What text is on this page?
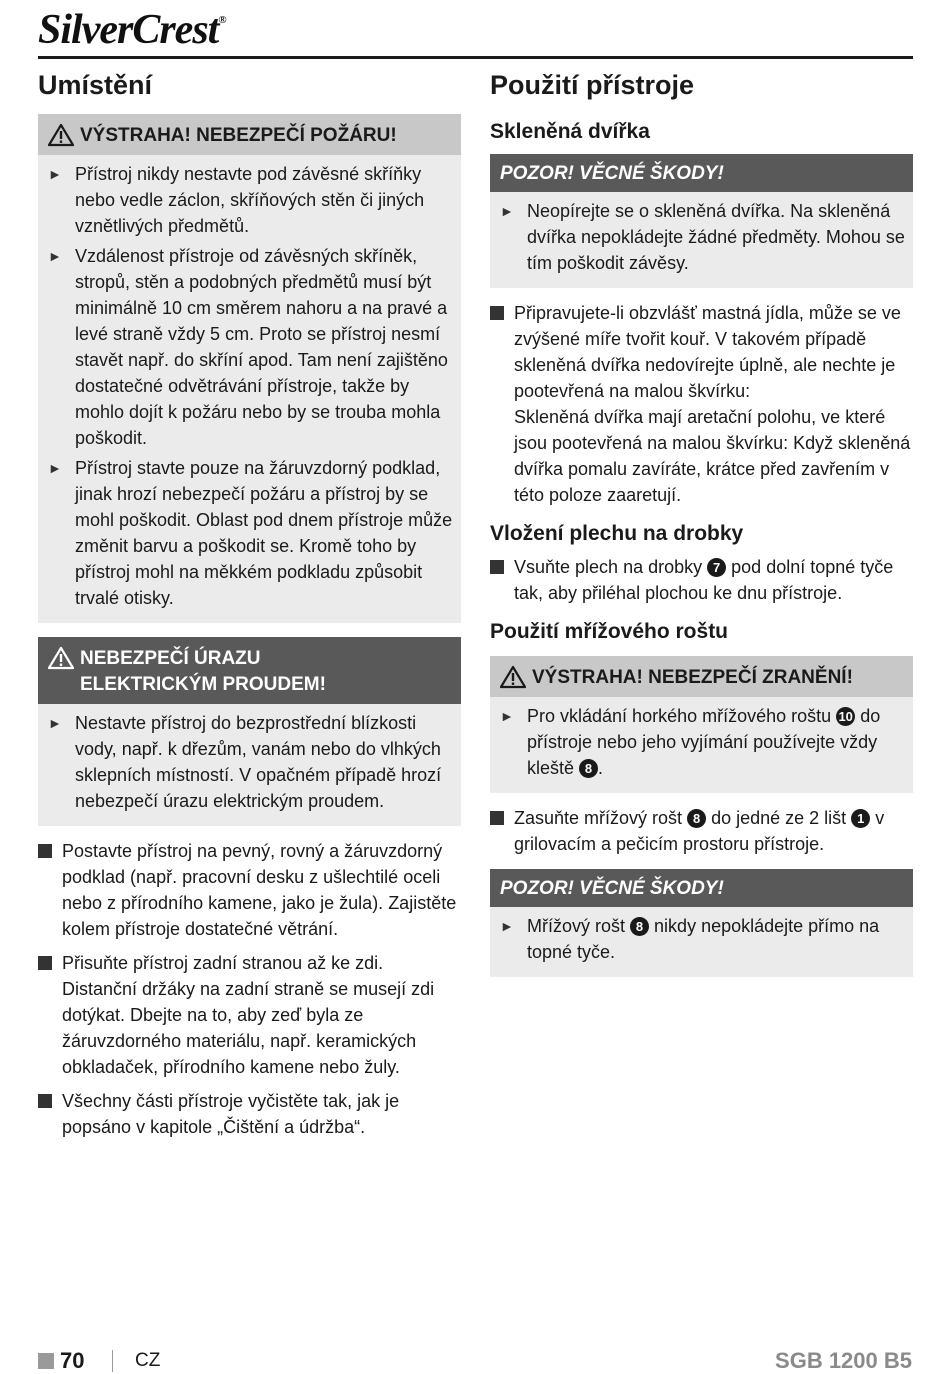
SilverCrest®
Umístění
VÝSTRAHA! NEBEZPEČÍ POŽÁRU!
► Přístroj nikdy nestavte pod závěsné skříňky nebo vedle záclon, skříňových stěn či jiných vznětlivých předmětů.
► Vzdálenost přístroje od závěsných skříněk, stropů, stěn a podobných předmětů musí být minimálně 10 cm směrem nahoru a na pravé a levé straně vždy 5 cm. Proto se přístroj nesmí stavět např. do skříní apod. Tam není zajištěno dostatečné odvětrávání přístroje, takže by mohlo dojít k požáru nebo by se trouba mohla poškodit.
► Přístroj stavte pouze na žáruvzdorný podklad, jinak hrozí nebezpečí požáru a přístroj by se mohl poškodit. Oblast pod dnem přístroje může změnit barvu a poškodit se. Kromě toho by přístroj mohl na měkkém podkladu způsobit trvalé otisky.
NEBEZPEČÍ ÚRAZU
ELEKTRICKÝM PROUDEM!
► Nestavte přístroj do bezprostřední blízkosti vody, např. k dřezům, vanám nebo do vlhkých sklepních místností. V opačném případě hrozí nebezpečí úrazu elektrickým proudem.
Postavte přístroj na pevný, rovný a žáruvzdorný podklad (např. pracovní desku z ušlechtilé oceli nebo z přírodního kamene, jako je žula). Zajistěte kolem přístroje dostatečné větrání.
Přisuňte přístroj zadní stranou až ke zdi. Distanční držáky na zadní straně se musejí zdi dotýkat. Dbejte na to, aby zeď byla ze žáruvzdorného materiálu, např. keramických obkladaček, přírodního kamene nebo žuly.
Všechny části přístroje vyčistěte tak, jak je popsáno v kapitole „Čištění a údržba“.
Použití přístroje
Skleněná dvířka
POZOR! VĚCNÉ ŠKODY!
► Neopírejte se o skleněná dvířka. Na skleněná dvířka nepokládejte žádné předměty. Mohou se tím poškodit závěsy.
Připravujete-li obzvlášť mastná jídla, může se ve zvýšené míře tvořit kouř. V takovém případě skleněná dvířka nedovírejte úplně, ale nechte je pootevřená na malou škvírku:
Skleněná dvířka mají aretační polohu, ve které jsou pootevřená na malou škvírku: Když skleněná dvířka pomalu zavíráte, krátce před zavřením v této poloze zaaretují.
Vložení plechu na drobky
Vsuňte plech na drobky 7 pod dolní topné tyče tak, aby přiléhal plochou ke dnu přístroje.
Použití mřížového roštu
VÝSTRAHA! NEBEZPEČÍ ZRANĚNÍ!
► Pro vkládání horkého mřížového roštu 10 do přístroje nebo jeho vyjímání používejte vždy kleště 8 .
Zasuňte mřížový rošt 8 do jedné ze 2 lišt 1 v grilovacím a pečicím prostoru přístroje.
POZOR! VĚCNÉ ŠKODY!
► Mřížový rošt 8 nikdy nepokládejte přímo na topné tyče.
70	CZ	SGB 1200 B5
